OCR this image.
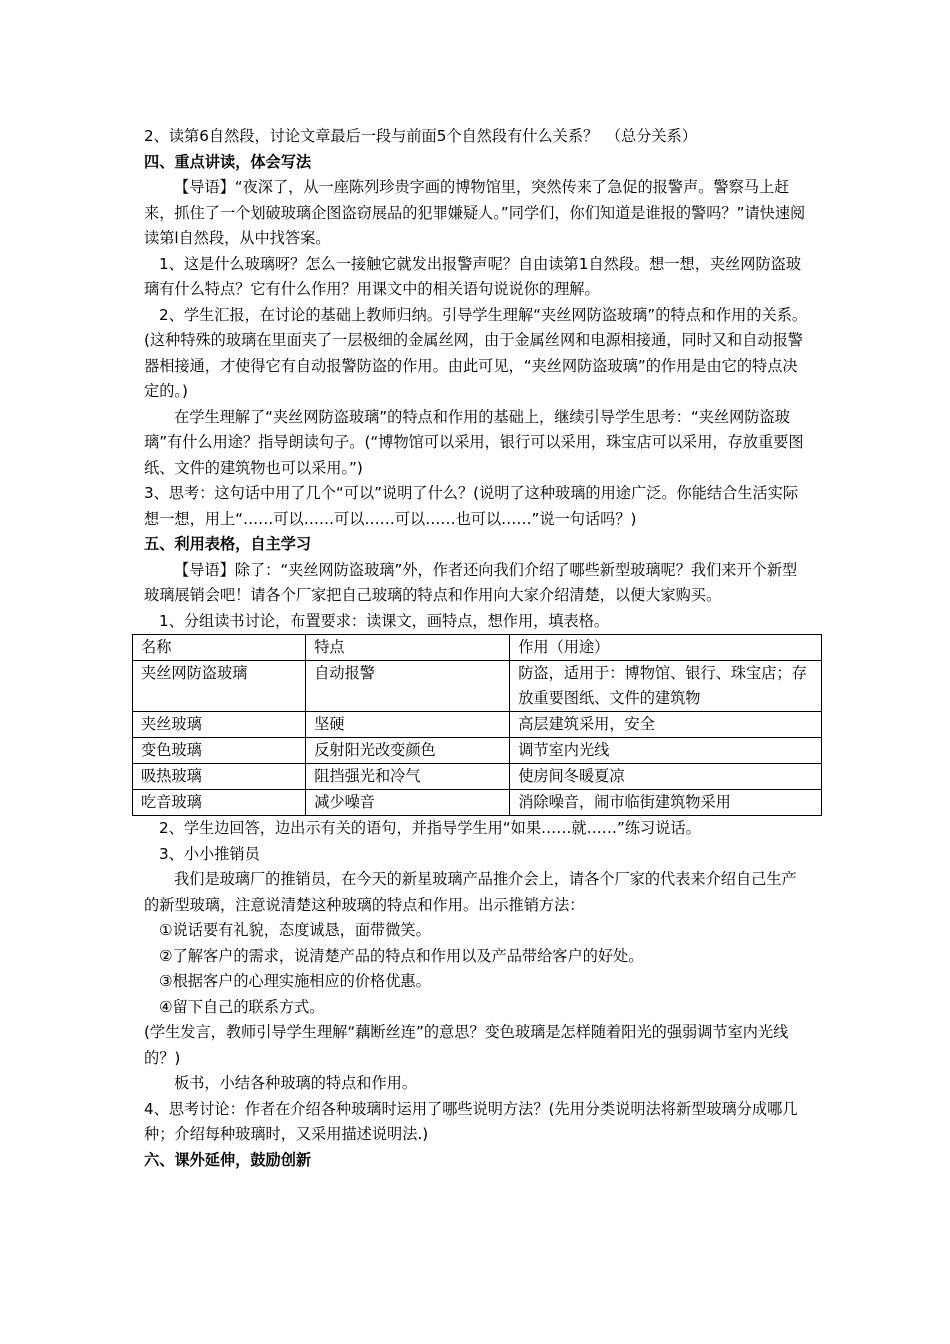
2、读第6自然段，讨论文章最后一段与前面5个自然段有什么关系？　（总分关系）

四、重点讲读，体会写法

【导语】“夜深了，从一座陈列珍贵字画的博物馆里，突然传来了急促的报警声。警察马上赶来，抓住了一个划破玻璃企图盗窃展品的犯罪嫌疑人。”同学们，你们知道是谁报的警吗？”请快速阅读第l自然段，从中找答案。

1、这是什么玻璃呀？怎么一接触它就发出报警声呢？自由读第1自然段。想一想，夹丝网防盗玻璃有什么特点？它有什么作用？用课文中的相关语句说说你的理解。

2、学生汇报，在讨论的基础上教师归纳。引导学生理解“夹丝网防盗玻璃”的特点和作用的关系。(这种特殊的玻璃在里面夹了一层极细的金属丝网，由于金属丝网和电源相接通，同时又和自动报警器相接通，才使得它有自动报警防盗的作用。由此可见，“夹丝网防盗玻璃”的作用是由它的特点决定的。)

在学生理解了“夹丝网防盗玻璃”的特点和作用的基础上，继续引导学生思考：“夹丝网防盗玻璃”有什么用途？指导朗读句子。(“博物馆可以采用，银行可以采用，珠宝店可以采用，存放重要图纸、文件的建筑物也可以采用。”)

3、思考：这句话中用了几个“可以”说明了什么？(说明了这种玻璃的用途广泛。你能结合生活实际想一想，用上“……可以……可以……可以……也可以……”说一句话吗？)

五、利用表格，自主学习

【导语】除了：“夹丝网防盗玻璃”外，作者还向我们介绍了哪些新型玻璃呢？我们来开个新型玻璃展销会吧！请各个厂家把自己玻璃的特点和作用向大家介绍清楚，以便大家购买。

1、分组读书讨论，布置要求：读课文，画特点，想作用，填表格。

名称	特点	作用（用途）
夹丝网防盗玻璃	自动报警	防盗，适用于：博物馆、银行、珠宝店；存放重要图纸、文件的建筑物
夹丝玻璃	坚硬	高层建筑采用，安全
变色玻璃	反射阳光改变颜色	调节室内光线
吸热玻璃	阻挡强光和冷气	使房间冬暖夏凉
吃音玻璃	减少噪音	消除噪音，闹市临街建筑物采用

2、学生边回答，边出示有关的语句，并指导学生用“如果……就……”练习说话。

3、小小推销员

我们是玻璃厂的推销员，在今天的新星玻璃产品推介会上，请各个厂家的代表来介绍自己生产的新型玻璃，注意说清楚这种玻璃的特点和作用。出示推销方法：

①说话要有礼貌，态度诚恳，面带微笑。

②了解客户的需求，说清楚产品的特点和作用以及产品带给客户的好处。

③根据客户的心理实施相应的价格优惠。

④留下自己的联系方式。

(学生发言，教师引导学生理解“藕断丝连”的意思？变色玻璃是怎样随着阳光的强弱调节室内光线的？)

板书，小结各种玻璃的特点和作用。

4、思考讨论：作者在介绍各种玻璃时运用了哪些说明方法？(先用分类说明法将新型玻璃分成哪几种；介绍每种玻璃时，又采用描述说明法.)

六、课外延伸，鼓励创新
